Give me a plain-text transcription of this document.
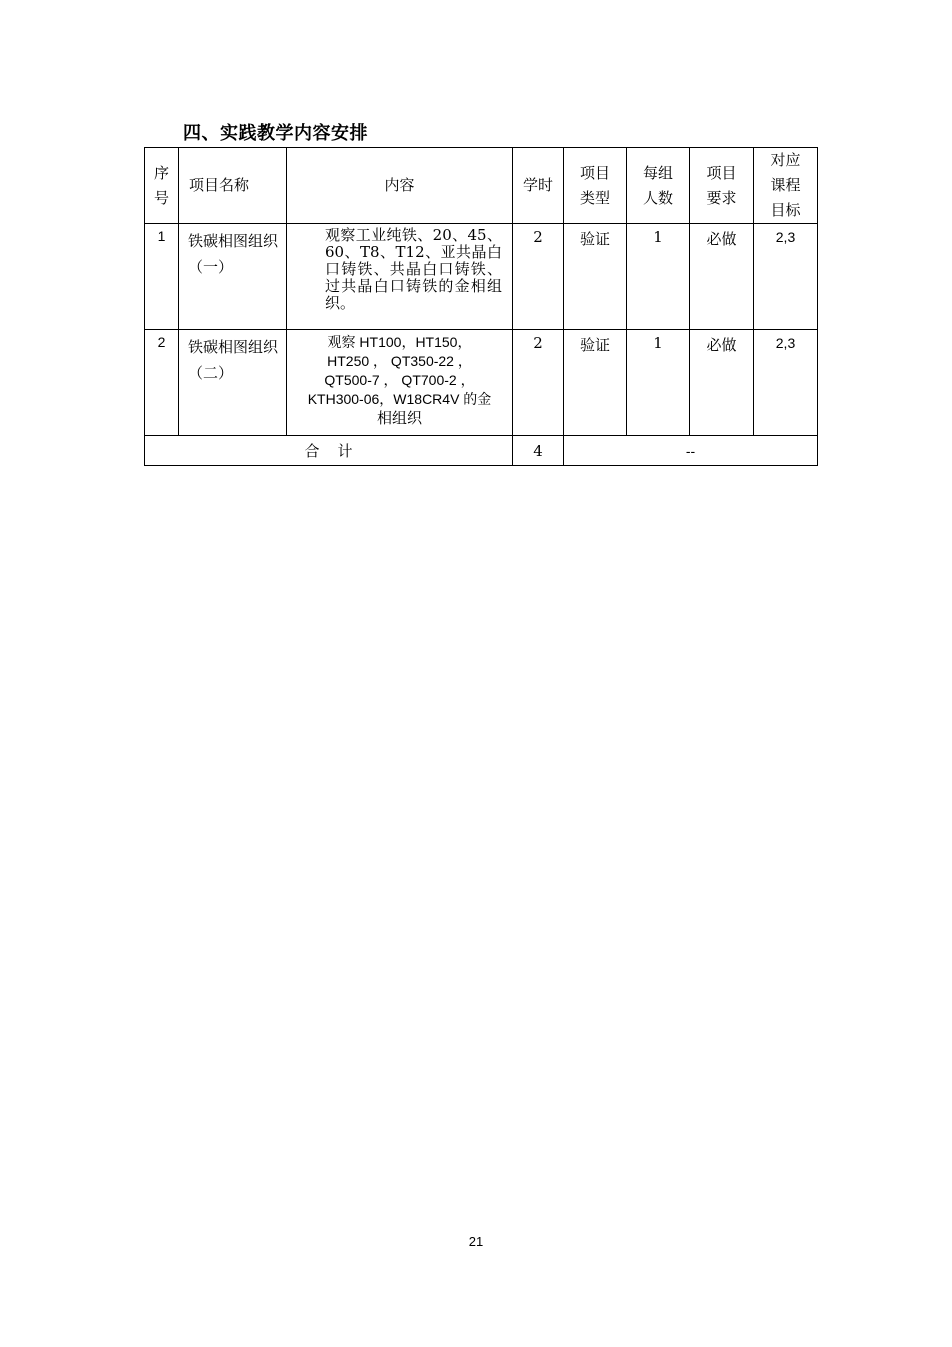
四、实践教学内容安排
序号	项目名称	内容	学时	项目类型	每组人数	项目要求	对应课程目标
1	铁碳相图组织（一）	观察工业纯铁、20、45、60、T8、T12、亚共晶白口铸铁、共晶白口铸铁、过共晶白口铸铁的金相组织。	2	验证	1	必做	2,3
2	铁碳相图组织（二）	观察 HT100，HT150，
HT250 ， QT350-22 ，
QT500-7 ， QT700-2 ，
KTH300-06，W18CR4V 的金
相组织	2	验证	1	必做	2,3
合计			4	--			
21
